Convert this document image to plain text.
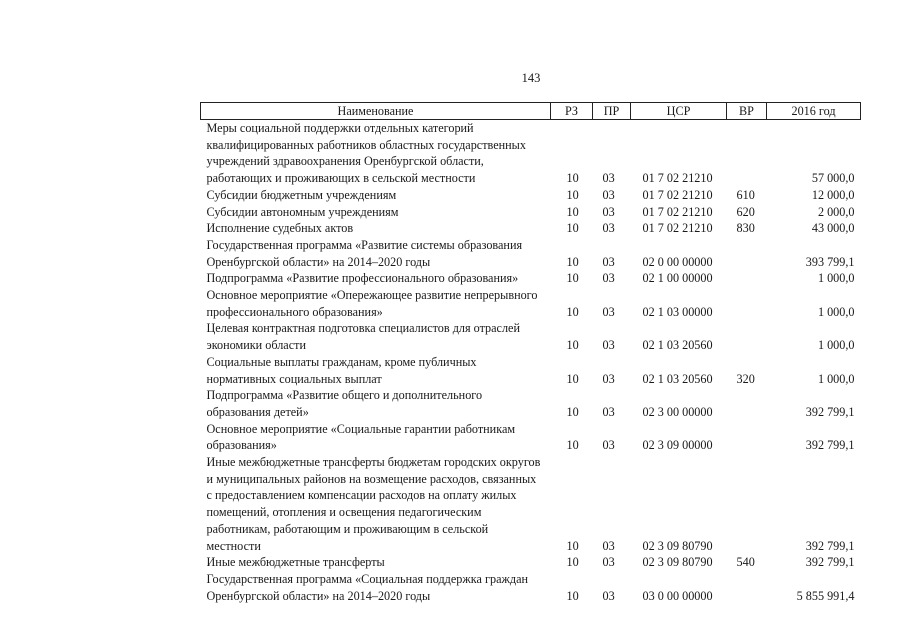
143
Наименование	РЗ	ПР	ЦСР	ВР	2016 год
Меры социальной поддержки отдельных категорий квалифицированных работников областных государственных учреждений здравоохранения Оренбургской области, работающих и проживающих в сельской местности	10	03	01 7 02 21210		57 000,0
Субсидии бюджетным учреждениям	10	03	01 7 02 21210	610	12 000,0
Субсидии автономным учреждениям	10	03	01 7 02 21210	620	2 000,0
Исполнение судебных актов	10	03	01 7 02 21210	830	43 000,0
Государственная программа «Развитие системы образования Оренбургской области» на 2014–2020 годы	10	03	02 0 00 00000		393 799,1
Подпрограмма «Развитие профессионального образования»	10	03	02 1 00 00000		1 000,0
Основное мероприятие «Опережающее развитие непрерывного профессионального образования»	10	03	02 1 03 00000		1 000,0
Целевая контрактная подготовка специалистов для отраслей экономики области	10	03	02 1 03 20560		1 000,0
Социальные выплаты гражданам, кроме публичных нормативных социальных выплат	10	03	02 1 03 20560	320	1 000,0
Подпрограмма «Развитие общего и дополнительного образования детей»	10	03	02 3 00 00000		392 799,1
Основное мероприятие «Социальные гарантии работникам образования»	10	03	02 3 09 00000		392 799,1
Иные межбюджетные трансферты бюджетам городских округов и муниципальных районов на возмещение расходов, связанных с предоставлением компенсации расходов на оплату жилых помещений, отопления и освещения педагогическим работникам, работающим и проживающим в сельской местности	10	03	02 3 09 80790		392 799,1
Иные межбюджетные трансферты	10	03	02 3 09 80790	540	392 799,1
Государственная программа «Социальная поддержка граждан Оренбургской области» на 2014–2020 годы	10	03	03 0 00 00000		5 855 991,4
